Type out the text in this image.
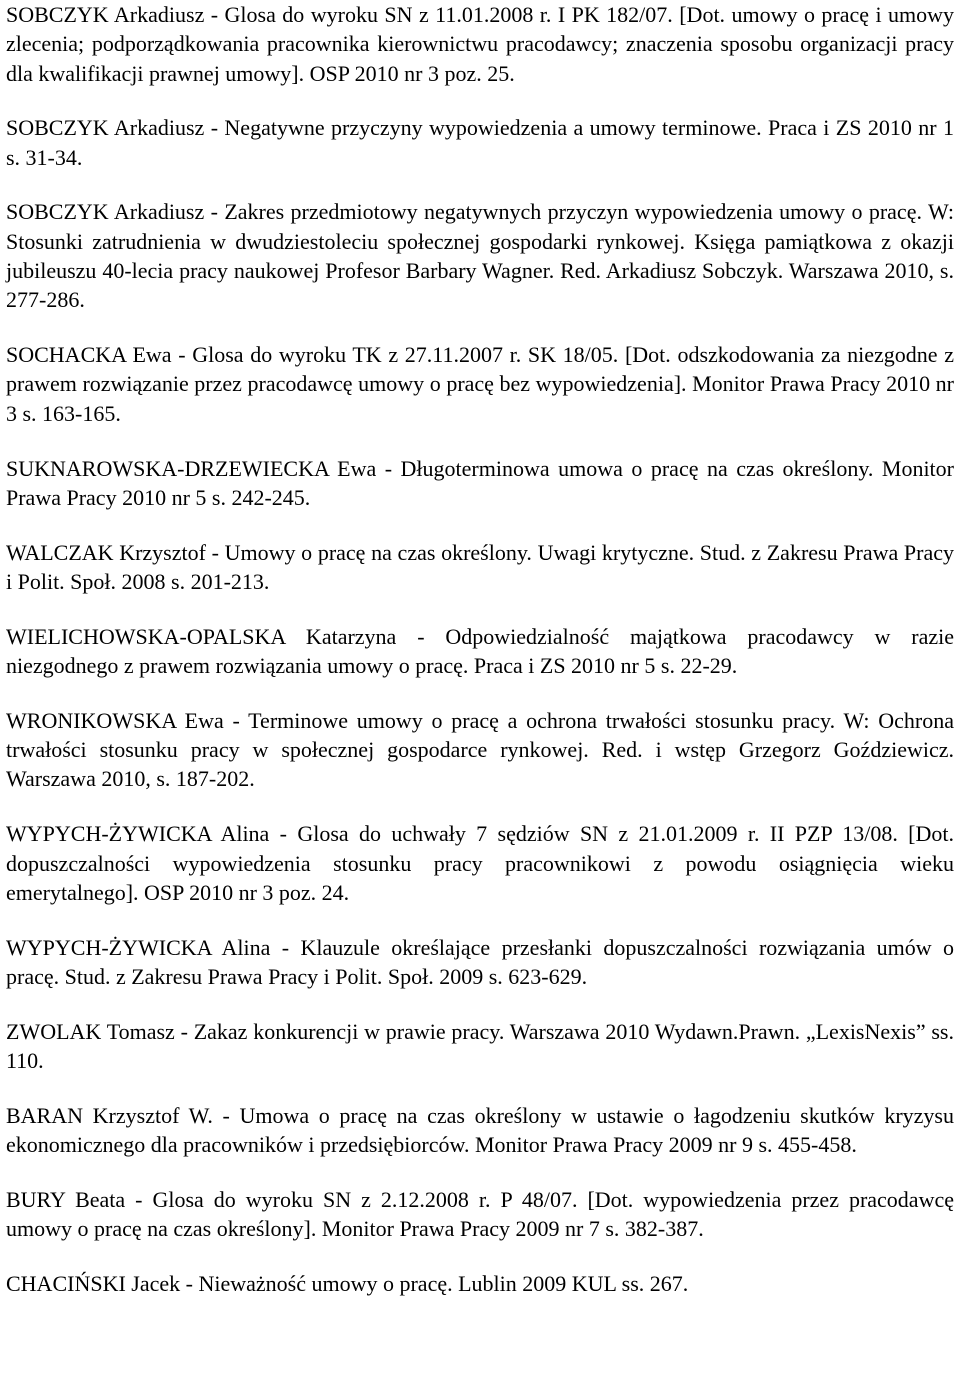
SOBCZYK Arkadiusz - Glosa do wyroku SN z 11.01.2008 r. I PK 182/07. [Dot. umowy o pracę i umowy zlecenia; podporządkowania pracownika kierownictwu pracodawcy; znaczenia sposobu organizacji pracy dla kwalifikacji prawnej umowy]. OSP 2010 nr 3 poz. 25.

SOBCZYK Arkadiusz - Negatywne przyczyny wypowiedzenia a umowy terminowe. Praca i ZS 2010 nr 1 s. 31-34.

SOBCZYK Arkadiusz - Zakres przedmiotowy negatywnych przyczyn wypowiedzenia umowy o pracę. W: Stosunki zatrudnienia w dwudziestoleciu społecznej gospodarki rynkowej. Księga pamiątkowa z okazji jubileuszu 40-lecia pracy naukowej Profesor Barbary Wagner. Red. Arkadiusz Sobczyk. Warszawa 2010, s. 277-286.

SOCHACKA Ewa - Glosa do wyroku TK z 27.11.2007 r. SK 18/05. [Dot. odszkodowania za niezgodne z prawem rozwiązanie przez pracodawcę umowy o pracę bez wypowiedzenia]. Monitor Prawa Pracy 2010 nr 3 s. 163-165.

SUKNAROWSKA-DRZEWIECKA Ewa - Długoterminowa umowa o pracę na czas określony. Monitor Prawa Pracy 2010 nr 5 s. 242-245.

WALCZAK Krzysztof - Umowy o pracę na czas określony. Uwagi krytyczne. Stud. z Zakresu Prawa Pracy i Polit. Społ. 2008 s. 201-213.

WIELICHOWSKA-OPALSKA Katarzyna - Odpowiedzialność majątkowa pracodawcy w razie niezgodnego z prawem rozwiązania umowy o pracę. Praca i ZS 2010 nr 5 s. 22-29.

WRONIKOWSKA Ewa - Terminowe umowy o pracę a ochrona trwałości stosunku pracy. W: Ochrona trwałości stosunku pracy w społecznej gospodarce rynkowej. Red. i wstęp Grzegorz Goździewicz. Warszawa 2010, s. 187-202.

WYPYCH-ŻYWICKA Alina - Glosa do uchwały 7 sędziów SN z 21.01.2009 r. II PZP 13/08. [Dot. dopuszczalności wypowiedzenia stosunku pracy pracownikowi z powodu osiągnięcia wieku emerytalnego]. OSP 2010 nr 3 poz. 24.

WYPYCH-ŻYWICKA Alina - Klauzule określające przesłanki dopuszczalności rozwiązania umów o pracę. Stud. z Zakresu Prawa Pracy i Polit. Społ. 2009 s. 623-629.

ZWOLAK Tomasz - Zakaz konkurencji w prawie pracy. Warszawa 2010 Wydawn.Prawn. „LexisNexis” ss. 110.

BARAN Krzysztof W. - Umowa o pracę na czas określony w ustawie o łagodzeniu skutków kryzysu ekonomicznego dla pracowników i przedsiębiorców. Monitor Prawa Pracy 2009 nr 9 s. 455-458.

BURY Beata - Glosa do wyroku SN z 2.12.2008 r. P 48/07. [Dot. wypowiedzenia przez pracodawcę umowy o pracę na czas określony]. Monitor Prawa Pracy 2009 nr 7 s. 382-387.

CHACIŃSKI Jacek - Nieważność umowy o pracę. Lublin 2009 KUL ss. 267.
